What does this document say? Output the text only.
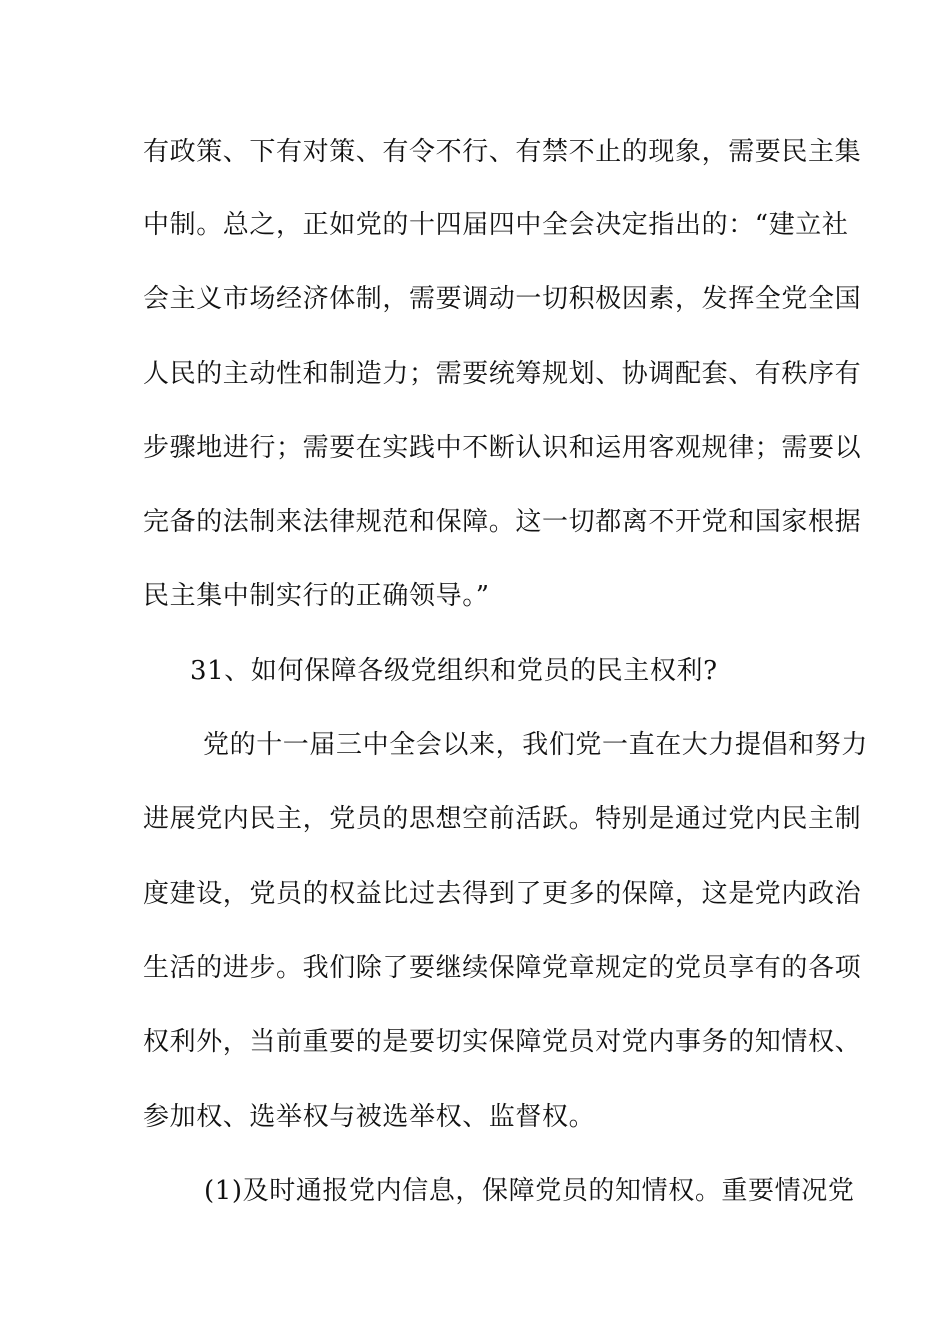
有政策、下有对策、有令不行、有禁不止的现象，需要民主集
中制。总之，正如党的十四届四中全会决定指出的：“建立社
会主义市场经济体制，需要调动一切积极因素，发挥全党全国
人民的主动性和制造力；需要统筹规划、协调配套、有秩序有
步骤地进行；需要在实践中不断认识和运用客观规律；需要以
完备的法制来法律规范和保障。这一切都离不开党和国家根据
民主集中制实行的正确领导。”
31、如何保障各级党组织和党员的民主权利?
党的十一届三中全会以来，我们党一直在大力提倡和努力
进展党内民主，党员的思想空前活跃。特别是通过党内民主制
度建设，党员的权益比过去得到了更多的保障，这是党内政治
生活的进步。我们除了要继续保障党章规定的党员享有的各项
权利外，当前重要的是要切实保障党员对党内事务的知情权、
参加权、选举权与被选举权、监督权。
(1)及时通报党内信息，保障党员的知情权。重要情况党
